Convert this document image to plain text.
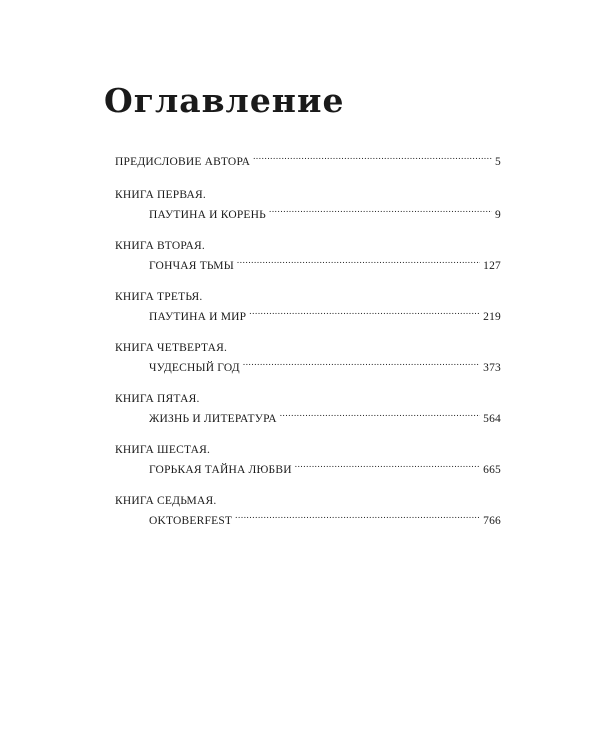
Оглавление
ПРЕДИСЛОВИЕ АВТОРА .....	5
КНИГА ПЕРВАЯ.
ПАУТИНА И КОРЕНЬ .....	9
КНИГА ВТОРАЯ.
ГОНЧАЯ ТЬМЫ .....	127
КНИГА ТРЕТЬЯ.
ПАУТИНА И МИР .....	219
КНИГА ЧЕТВЕРТАЯ.
ЧУДЕСНЫЙ ГОД .....	373
КНИГА ПЯТАЯ.
ЖИЗНЬ И ЛИТЕРАТУРА .....	564
КНИГА ШЕСТАЯ.
ГОРЬКАЯ ТАЙНА ЛЮБВИ .....	665
КНИГА СЕДЬМАЯ.
OKTOBERFEST .....	766
